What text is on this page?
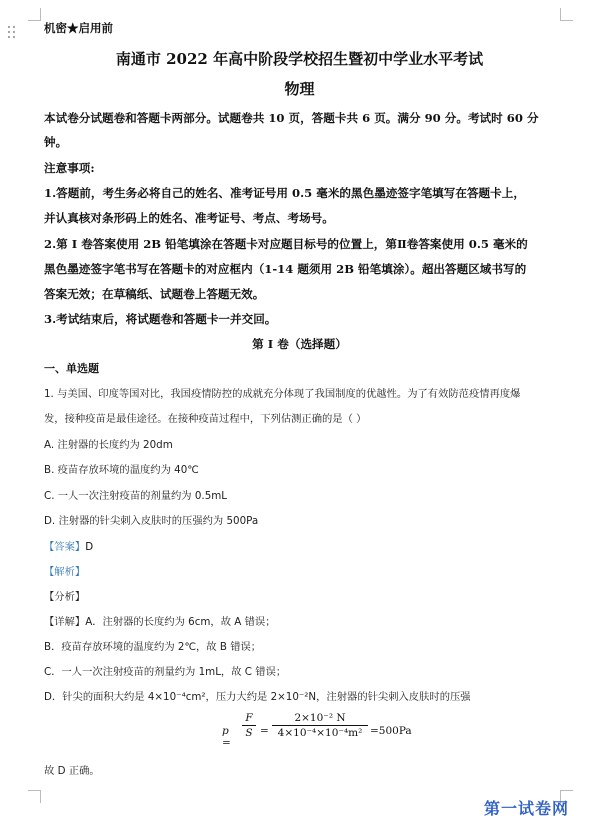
机密★启用前
南通市 2022 年高中阶段学校招生暨初中学业水平考试
物理
本试卷分试题卷和答题卡两部分。试题卷共 10 页，答题卡共 6 页。满分 90 分。考试时 60 分
钟。
注意事项:
1.答题前，考生务必将自己的姓名、准考证号用 0.5 毫米的黑色墨迹签字笔填写在答题卡上，
并认真核对条形码上的姓名、准考证号、考点、考场号。
2.第 I 卷答案使用 2B 铅笔填涂在答题卡对应题目标号的位置上，第Ⅱ卷答案使用 0.5 毫米的
黑色墨迹签字笔书写在答题卡的对应框内（1-14 题须用 2B 铅笔填涂）。超出答题区域书写的
答案无效；在草稿纸、试题卷上答题无效。
3.考试结束后，将试题卷和答题卡一并交回。
第 I 卷（选择题）
一、单选题
1. 与美国、印度等国对比，我国疫情防控的成就充分体现了我国制度的优越性。为了有效防范疫情再度爆
发，接种疫苗是最佳途径。在接种疫苗过程中，下列估测正确的是（ ）
A. 注射器的长度约为 20dm
B. 疫苗存放环境的温度约为 40℃
C. 一人一次注射疫苗的剂量约为 0.5mL
D. 注射器的针尖刺入皮肤时的压强约为 500Pa
【答案】D
【解析】
【分析】
【详解】A．注射器的长度约为 6cm，故 A 错误；
B．疫苗存放环境的温度约为 2℃，故 B 错误；
C．一人一次注射疫苗的剂量约为 1mL，故 C 错误；
D．针尖的面积大约是 4×10⁻⁴cm²，压力大约是 2×10⁻²N，注射器的针尖刺入皮肤时的压强
p =
F
S =
2×10⁻² N
4×10⁻⁴×10⁻⁴m² =500Pa
故 D 正确。
第一试卷网
